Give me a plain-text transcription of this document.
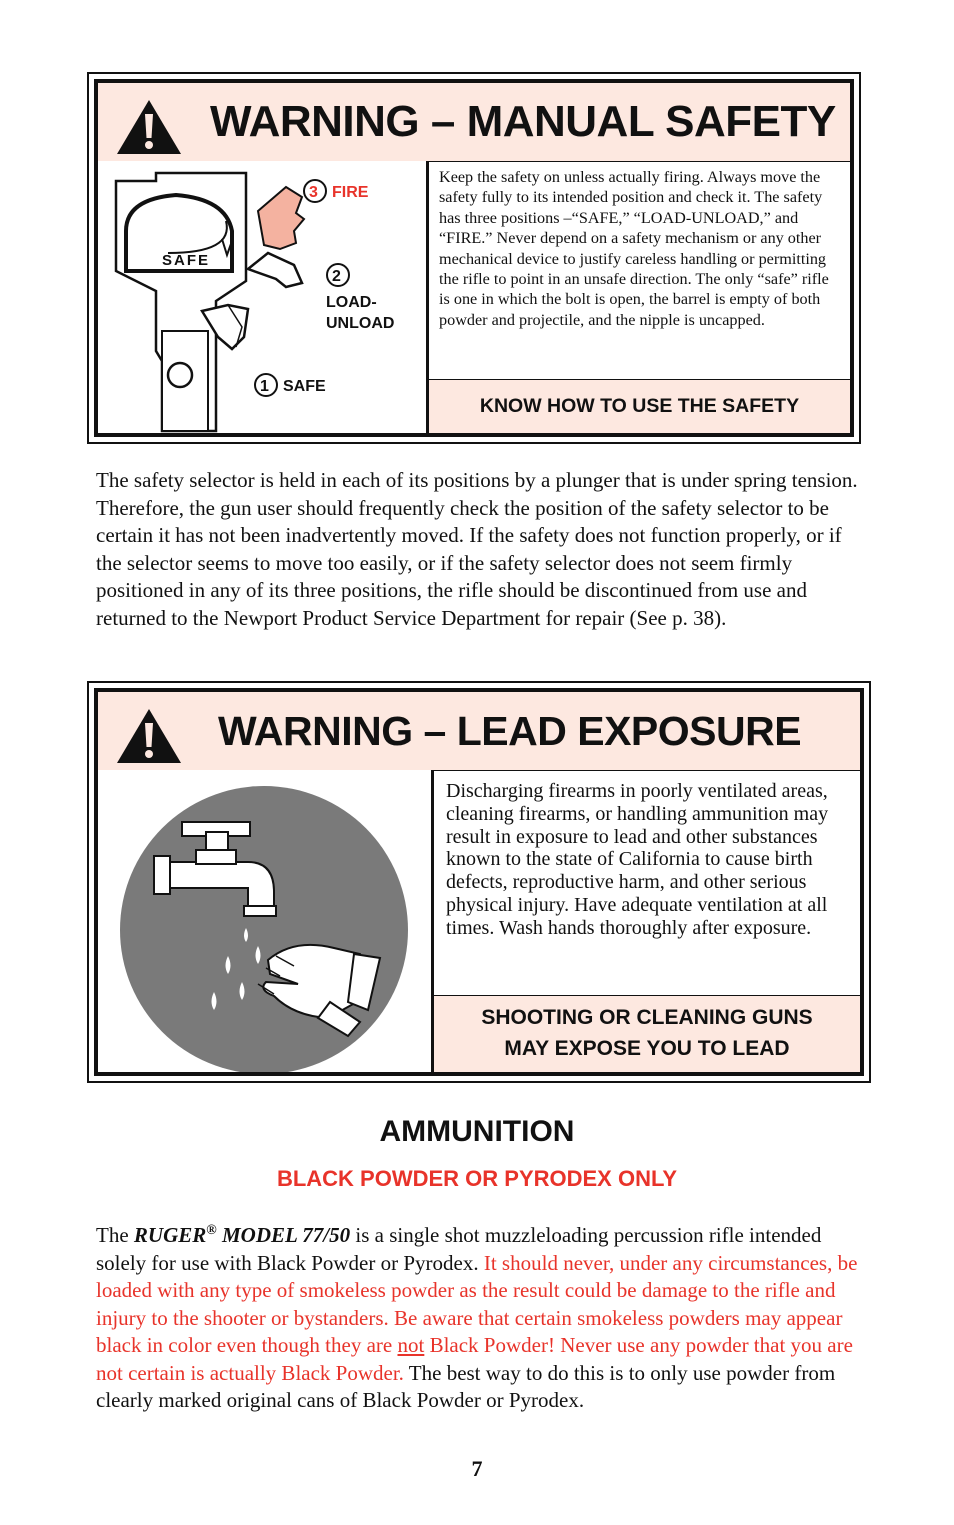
WARNING – MANUAL SAFETY
SAFE
3 FIRE
2
LOAD-
UNLOAD
1 SAFE
Keep the safety on unless actually firing. Always move the safety fully to its intended position and check it. The safety has three positions –“SAFE,” “LOAD-UNLOAD,” and “FIRE.” Never depend on a safety mechanism or any other mechanical device to justify careless handling or permitting the rifle to point in an unsafe direction. The only “safe” rifle is one in which the bolt is open, the barrel is empty of both powder and projectile, and the nipple is uncapped.
KNOW HOW TO USE THE SAFETY
The safety selector is held in each of its positions by a plunger that is under spring tension. Therefore, the gun user should frequently check the position of the safety selector to be certain it has not been inadvertently moved. If the safety does not function properly, or if the selector seems to move too easily, or if the safety selector does not seem firmly positioned in any of its three positions, the rifle should be discontinued from use and returned to the Newport Product Service Department for repair (See p. 38).
WARNING – LEAD EXPOSURE
Discharging firearms in poorly ventilated areas, cleaning firearms, or handling ammunition may result in exposure to lead and other substances known to the state of California to cause birth defects, reproductive harm, and other serious physical injury. Have adequate ventilation at all times. Wash hands thoroughly after exposure.
SHOOTING OR CLEANING GUNS
MAY EXPOSE YOU TO LEAD
AMMUNITION
BLACK POWDER OR PYRODEX ONLY
The RUGER® MODEL 77/50 is a single shot muzzleloading percussion rifle intended solely for use with Black Powder or Pyrodex. It should never, under any circumstances, be loaded with any type of smokeless powder as the result could be damage to the rifle and injury to the shooter or bystanders. Be aware that certain smokeless powders may appear black in color even though they are not Black Powder! Never use any powder that you are not certain is actually Black Powder. The best way to do this is to only use powder from clearly marked original cans of Black Powder or Pyrodex.
7
